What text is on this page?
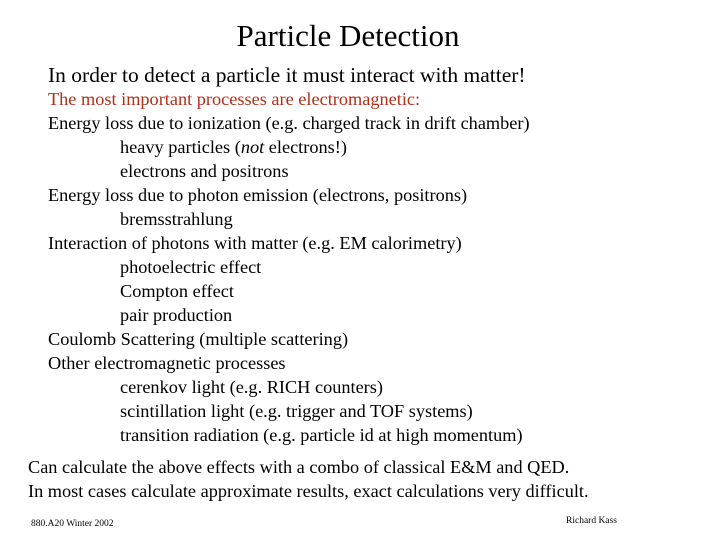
Particle Detection
In order to detect a particle it must interact with matter!
The most important processes are electromagnetic:
Energy loss due to ionization (e.g. charged track in drift chamber)
heavy particles (not electrons!)
electrons and positrons
Energy loss due to photon emission (electrons, positrons)
bremsstrahlung
Interaction of photons with matter (e.g. EM calorimetry)
photoelectric effect
Compton effect
pair production
Coulomb Scattering (multiple scattering)
Other electromagnetic processes
cerenkov light (e.g. RICH counters)
scintillation light (e.g. trigger and TOF systems)
transition radiation (e.g. particle id at high momentum)
Can calculate the above effects with a combo of classical E&M and QED.
In most cases calculate approximate results, exact calculations very difficult.
880.A20 Winter 2002	Richard Kass
